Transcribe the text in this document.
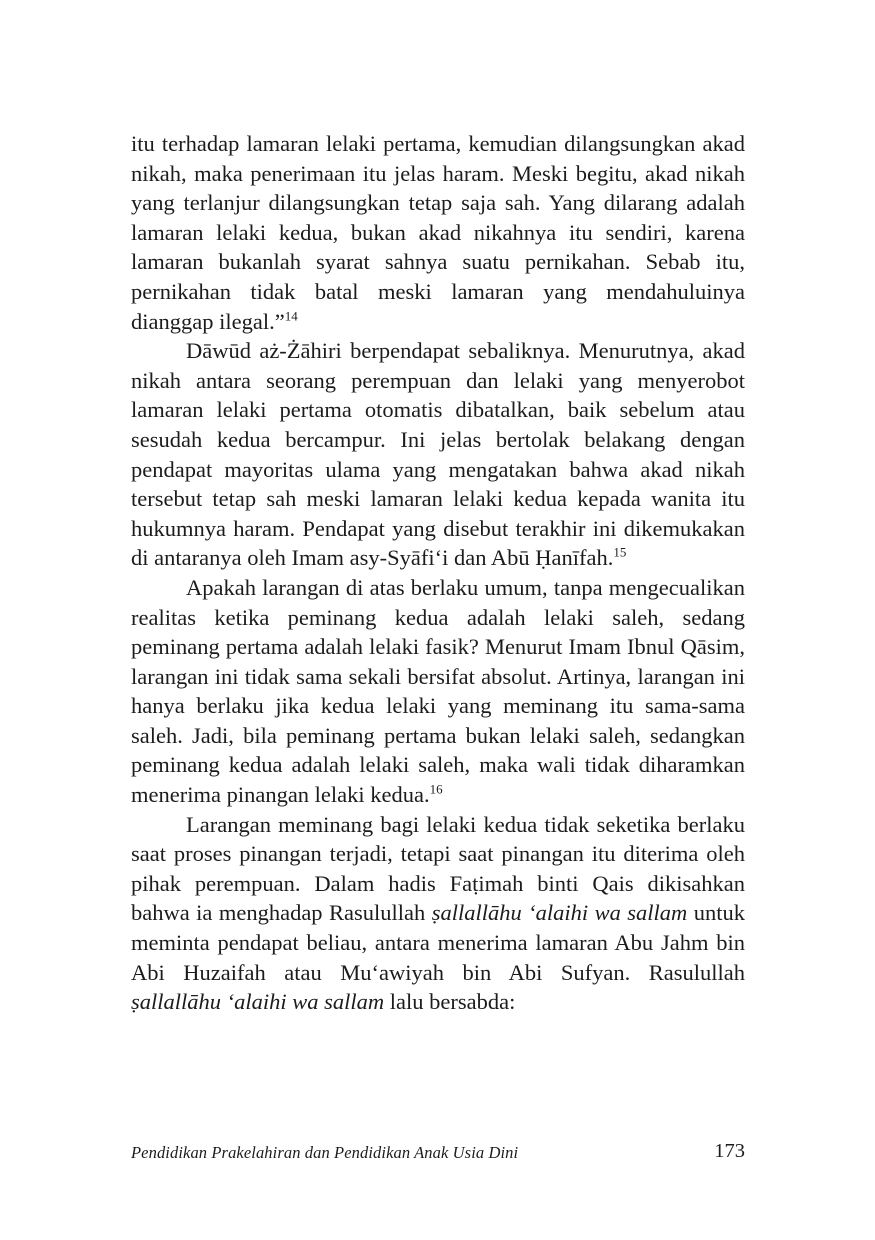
itu terhadap lamaran lelaki pertama, kemudian dilangsungkan akad nikah, maka penerimaan itu jelas haram. Meski begitu, akad nikah yang terlanjur dilangsungkan tetap saja sah. Yang dilarang adalah lamaran lelaki kedua, bukan akad nikahnya itu sendiri, karena lamaran bukanlah syarat sahnya suatu pernikahan. Sebab itu, pernikahan tidak batal meski lamaran yang mendahuluinya dianggap ilegal.”$^{14}$

Dāwūd aż-Żāhiri berpendapat sebaliknya. Menurutnya, akad nikah antara seorang perempuan dan lelaki yang menyerobot lamaran lelaki pertama otomatis dibatalkan, baik sebelum atau sesudah kedua bercampur. Ini jelas bertolak belakang dengan pendapat mayoritas ulama yang mengatakan bahwa akad nikah tersebut tetap sah meski lamaran lelaki kedua kepada wanita itu hukumnya haram. Pendapat yang disebut terakhir ini dikemukakan di antaranya oleh Imam asy-Syāfi‘i dan Abū Ḥanīfah.$^{15}$

Apakah larangan di atas berlaku umum, tanpa mengecualikan realitas ketika peminang kedua adalah lelaki saleh, sedang peminang pertama adalah lelaki fasik? Menurut Imam Ibnul Qāsim, larangan ini tidak sama sekali bersifat absolut. Artinya, larangan ini hanya berlaku jika kedua lelaki yang meminang itu sama-sama saleh. Jadi, bila peminang pertama bukan lelaki saleh, sedangkan peminang kedua adalah lelaki saleh, maka wali tidak diharamkan menerima pinangan lelaki kedua.$^{16}$

Larangan meminang bagi lelaki kedua tidak seketika berlaku saat proses pinangan terjadi, tetapi saat pinangan itu diterima oleh pihak perempuan. Dalam hadis Faṭimah binti Qais dikisahkan bahwa ia menghadap Rasulullah ṣallallāhu ‘alaihi wa sallam untuk meminta pendapat beliau, antara menerima lamaran Abu Jahm bin Abi Huzaifah atau Mu‘awiyah bin Abi Sufyan. Rasulullah ṣallallāhu ‘alaihi wa sallam lalu bersabda:

Pendidikan Prakelahiran dan Pendidikan Anak Usia Dini	173
